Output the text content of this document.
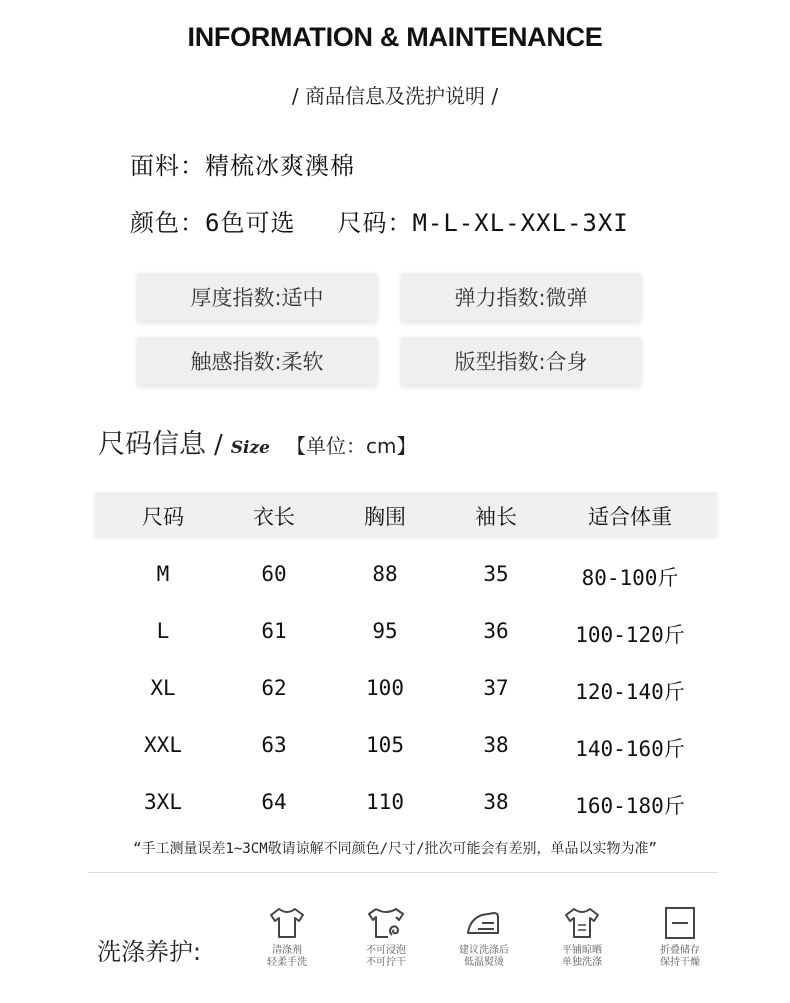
INFORMATION & MAINTENANCE
/ 商品信息及洗护说明 /
面料：精梳冰爽澳棉
颜色：6色可选 尺码：M-L-XL-XXL-3XI
厚度指数: 适中	弹力指数: 微弹
触感指数: 柔软	版型指数: 合身
尺码信息 / Size 【单位：cm】
尺码	衣长	胸围	袖长	适合体重
M	60	88	35	80-100斤
L	61	95	36	100-120斤
XL	62	100	37	120-140斤
XXL	63	105	38	140-160斤
3XL	64	110	38	160-180斤
“手工测量误差1~3CM敬请谅解不同颜色/尺寸/批次可能会有差别，单品以实物为准”
洗涤养护:	清涤剂
轻柔手洗
不可浸泡
不可拧干
建议洗涤后
低温熨烫
平铺晾晒
单独洗涤
折叠储存
保持干燥
